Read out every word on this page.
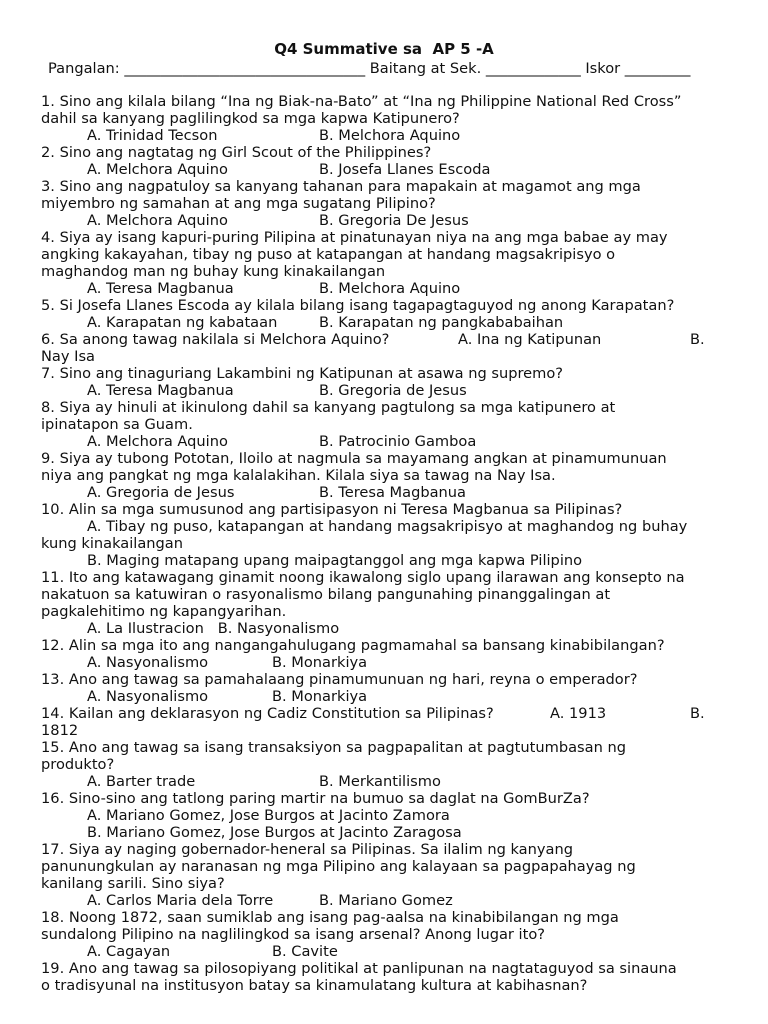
Q4 Summative sa  AP 5 -A
Pangalan: _________________________________ Baitang at Sek. _____________ Iskor _________
1. Sino ang kilala bilang “Ina ng Biak-na-Bato” at “Ina ng Philippine National Red Cross”
dahil sa kanyang paglilingkod sa mga kapwa Katipunero?
A. Trinidad Tecson	B. Melchora Aquino
2. Sino ang nagtatag ng Girl Scout of the Philippines?
A. Melchora Aquino	B. Josefa Llanes Escoda
3. Sino ang nagpatuloy sa kanyang tahanan para mapakain at magamot ang mga
miyembro ng samahan at ang mga sugatang Pilipino?
A. Melchora Aquino	B. Gregoria De Jesus
4. Siya ay isang kapuri-puring Pilipina at pinatunayan niya na ang mga babae ay may
angking kakayahan, tibay ng puso at katapangan at handang magsakripisyo o
maghandog man ng buhay kung kinakailangan
A. Teresa Magbanua	B. Melchora Aquino
5. Si Josefa Llanes Escoda ay kilala bilang isang tagapagtaguyod ng anong Karapatan?
A. Karapatan ng kabataan	B. Karapatan ng pangkababaihan
6. Sa anong tawag nakilala si Melchora Aquino?	A. Ina ng Katipunan	B.
Nay Isa
7. Sino ang tinaguriang Lakambini ng Katipunan at asawa ng supremo?
A. Teresa Magbanua	B. Gregoria de Jesus
8. Siya ay hinuli at ikinulong dahil sa kanyang pagtulong sa mga katipunero at
ipinatapon sa Guam.
A. Melchora Aquino	B. Patrocinio Gamboa
9. Siya ay tubong Pototan, Iloilo at nagmula sa mayamang angkan at pinamumunuan
niya ang pangkat ng mga kalalakihan. Kilala siya sa tawag na Nay Isa.
A. Gregoria de Jesus	B. Teresa Magbanua
10. Alin sa mga sumusunod ang partisipasyon ni Teresa Magbanua sa Pilipinas?
A. Tibay ng puso, katapangan at handang magsakripisyo at maghandog ng buhay
kung kinakailangan
B. Maging matapang upang maipagtanggol ang mga kapwa Pilipino
11. Ito ang katawagang ginamit noong ikawalong siglo upang ilarawan ang konsepto na
nakatuon sa katuwiran o rasyonalismo bilang pangunahing pinanggalingan at
pagkalehitimo ng kapangyarihan.
A. La Ilustracion   B. Nasyonalismo
12. Alin sa mga ito ang nangangahulugang pagmamahal sa bansang kinabibilangan?
A. Nasyonalismo	B. Monarkiya
13. Ano ang tawag sa pamahalaang pinamumunuan ng hari, reyna o emperador?
A. Nasyonalismo	B. Monarkiya
14. Kailan ang deklarasyon ng Cadiz Constitution sa Pilipinas?	A. 1913	B.
1812
15. Ano ang tawag sa isang transaksiyon sa pagpapalitan at pagtutumbasan ng
produkto?
A. Barter trade	B. Merkantilismo
16. Sino-sino ang tatlong paring martir na bumuo sa daglat na GomBurZa?
A. Mariano Gomez, Jose Burgos at Jacinto Zamora
B. Mariano Gomez, Jose Burgos at Jacinto Zaragosa
17. Siya ay naging gobernador-heneral sa Pilipinas. Sa ilalim ng kanyang
panunungkulan ay naranasan ng mga Pilipino ang kalayaan sa pagpapahayag ng
kanilang sarili. Sino siya?
A. Carlos Maria dela Torre	B. Mariano Gomez
18. Noong 1872, saan sumiklab ang isang pag-aalsa na kinabibilangan ng mga
sundalong Pilipino na naglilingkod sa isang arsenal? Anong lugar ito?
A. Cagayan	B. Cavite
19. Ano ang tawag sa pilosopiyang politikal at panlipunan na nagtataguyod sa sinauna
o tradisyunal na institusyon batay sa kinamulatang kultura at kabihasnan?
